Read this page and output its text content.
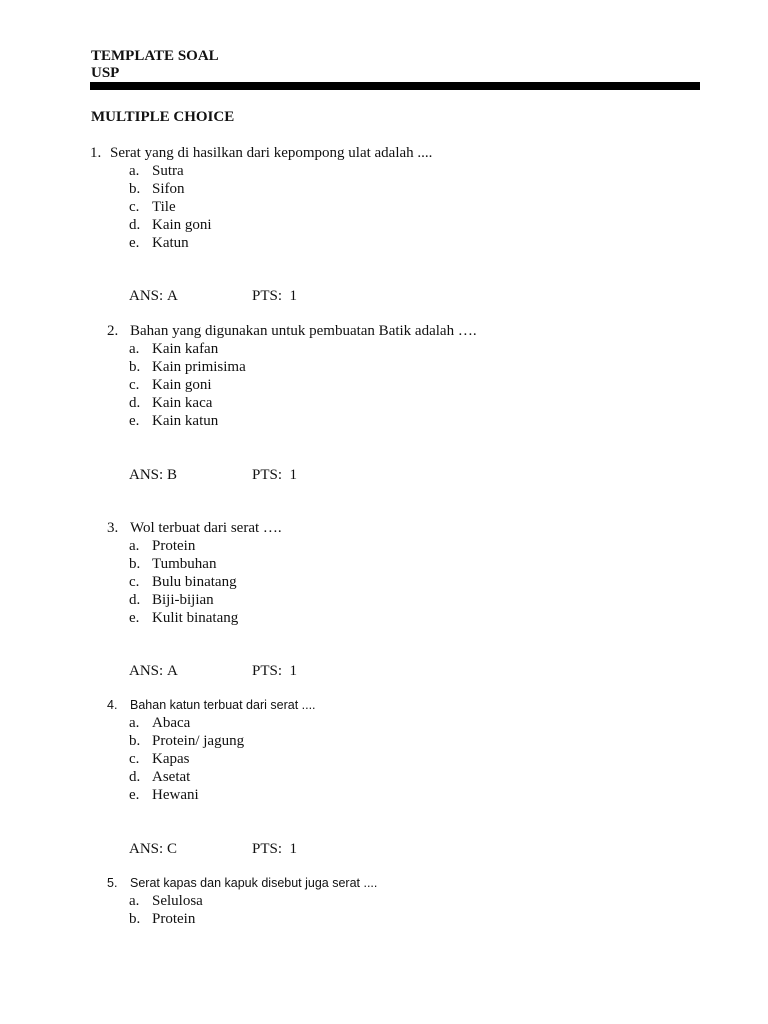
TEMPLATE SOAL
USP
MULTIPLE CHOICE
1. Serat yang di hasilkan dari kepompong ulat adalah ....
a. Sutra
b. Sifon
c. Tile
d. Kain goni
e. Katun
ANS: A	PTS: 1
2. Bahan yang digunakan untuk pembuatan Batik adalah ….
a. Kain kafan
b. Kain primisima
c. Kain goni
d. Kain kaca
e. Kain katun
ANS: B	PTS: 1
3. Wol terbuat dari serat ….
a. Protein
b. Tumbuhan
c. Bulu binatang
d. Biji-bijian
e. Kulit binatang
ANS: A	PTS: 1
4. Bahan katun terbuat dari serat ....
a. Abaca
b. Protein/ jagung
c. Kapas
d. Asetat
e. Hewani
ANS: C	PTS: 1
5. Serat kapas dan kapuk disebut juga serat ....
a. Selulosa
b. Protein
